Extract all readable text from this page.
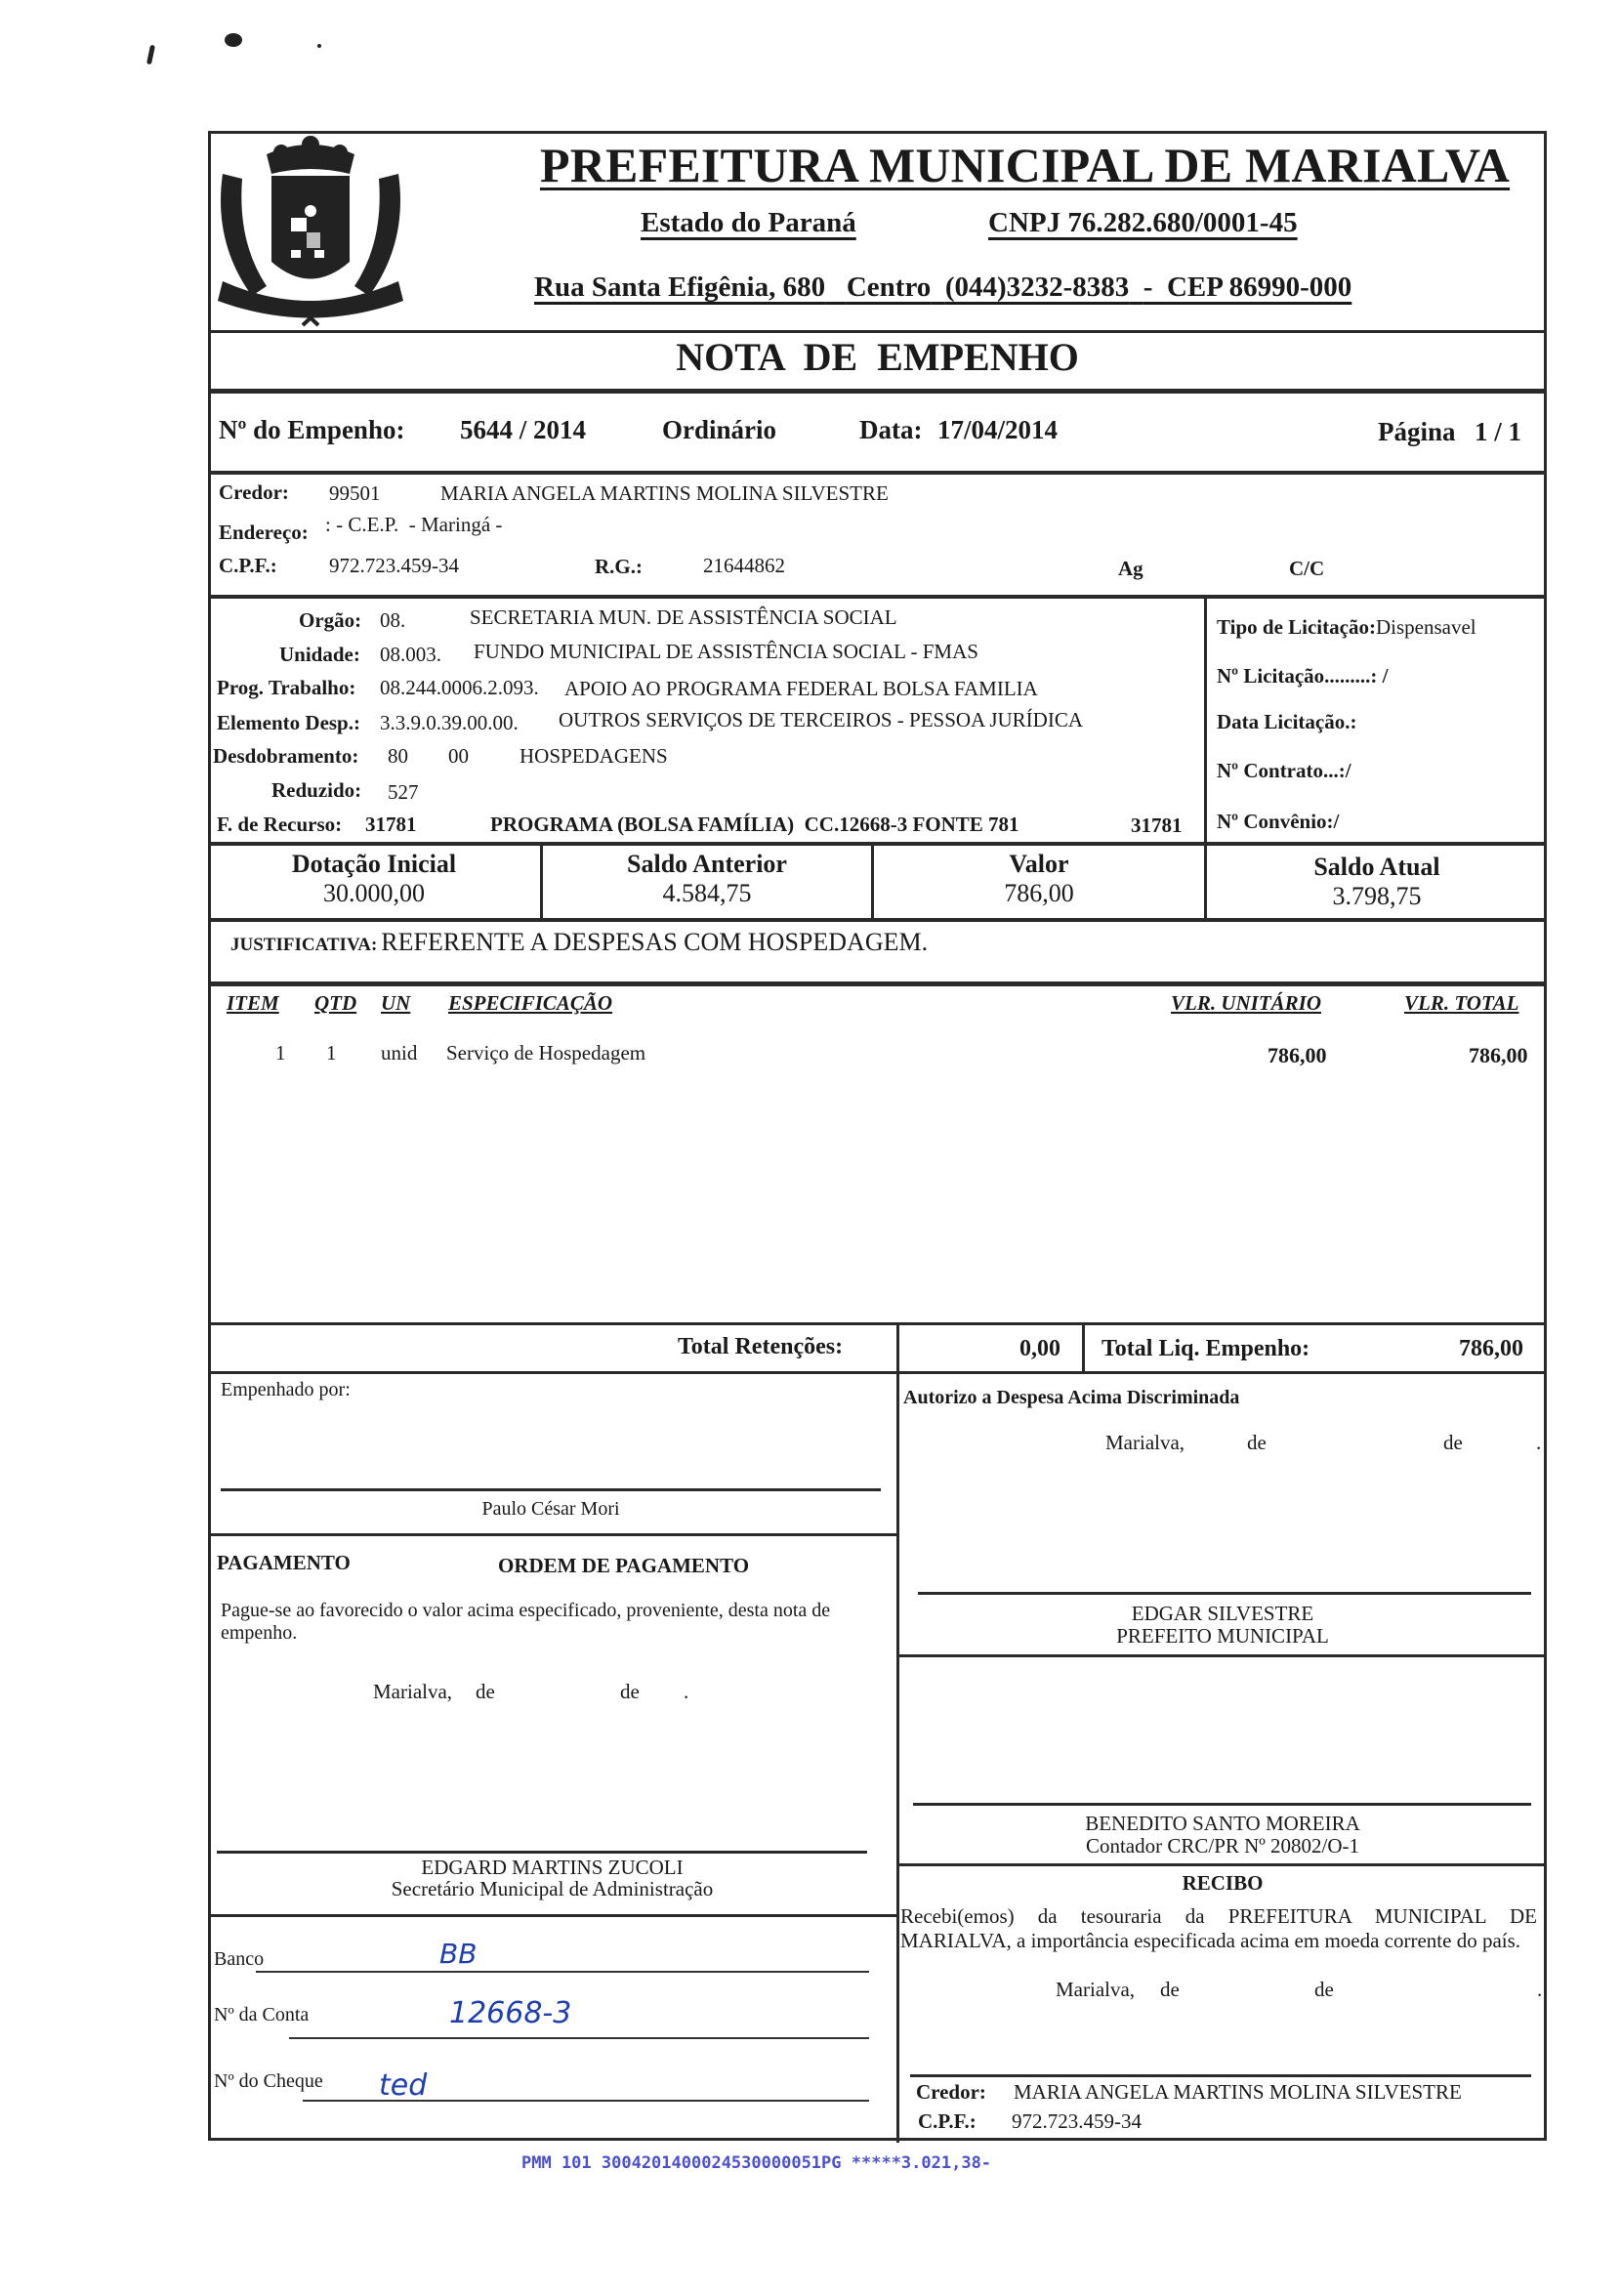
PREFEITURA MUNICIPAL DE MARIALVA
Estado do Paraná	CNPJ 76.282.680/0001-45
Rua Santa Efigênia, 680 Centro (044)3232-8383 - CEP 86990-000
NOTA  DE  EMPENHO
Nº do Empenho: 5644 / 2014	Ordinário	Data: 17/04/2014	Página 1 / 1
Credor: 99501	MARIA ANGELA MARTINS MOLINA SILVESTRE
Endereço: : - C.E.P.  - Maringá -
C.P.F.:	972.723.459-34	R.G.:	21644862	Ag	C/C
Orgão: 08.	SECRETARIA MUN. DE ASSISTÊNCIA SOCIAL
Unidade: 08.003. FUNDO MUNICIPAL DE ASSISTÊNCIA SOCIAL - FMAS
Prog. Trabalho: 08.244.0006.2.093. APOIO AO PROGRAMA FEDERAL BOLSA FAMILIA
Elemento Desp.: 3.3.9.0.39.00.00. OUTROS SERVIÇOS DE TERCEIROS - PESSOA JURÍDICA
Desdobramento: 80 00 HOSPEDAGENS
Reduzido: 527
F. de Recurso: 31781	PROGRAMA (BOLSA FAMÍLIA)  CC.12668-3 FONTE 781	31781
Tipo de Licitação:Dispensavel
Nº Licitação.........: /
Data Licitação.:
Nº Contrato...:/
Nº Convênio:/
Dotação Inicial
30.000,00
Saldo Anterior
4.584,75
Valor
786,00
Saldo Atual
3.798,75
JUSTIFICATIVA: REFERENTE A DESPESAS COM HOSPEDAGEM.
ITEM QTD UN ESPECIFICAÇÃO	VLR. UNITÁRIO	VLR. TOTAL
1 1 unid Serviço de Hospedagem	786,00	786,00
Total Retenções:	0,00 Total Liq. Empenho:	786,00
Empenhado por:
Paulo César Mori
Autorizo a Despesa Acima Discriminada
Marialva,	de	de	.
EDGAR SILVESTRE
PREFEITO MUNICIPAL
PAGAMENTO	ORDEM DE PAGAMENTO
Pague-se ao favorecido o valor acima especificado, proveniente, desta nota de empenho.
Marialva, de	de .
EDGARD MARTINS ZUCOLI
Secretário Municipal de Administração
BENEDITO SANTO MOREIRA
Contador CRC/PR Nº 20802/O-1
Banco	BB
Nº da Conta	12668-3
Nº do Cheque ted
RECIBO
Recebi(emos) da tesouraria da PREFEITURA MUNICIPAL DE MARIALVA, a importância especificada acima em moeda corrente do país.
Marialva, de	de	.
Credor: MARIA ANGELA MARTINS MOLINA SILVESTRE
C.P.F.: 972.723.459-34
PMM 101 3004201400024530000051PG *****3.021,38-
